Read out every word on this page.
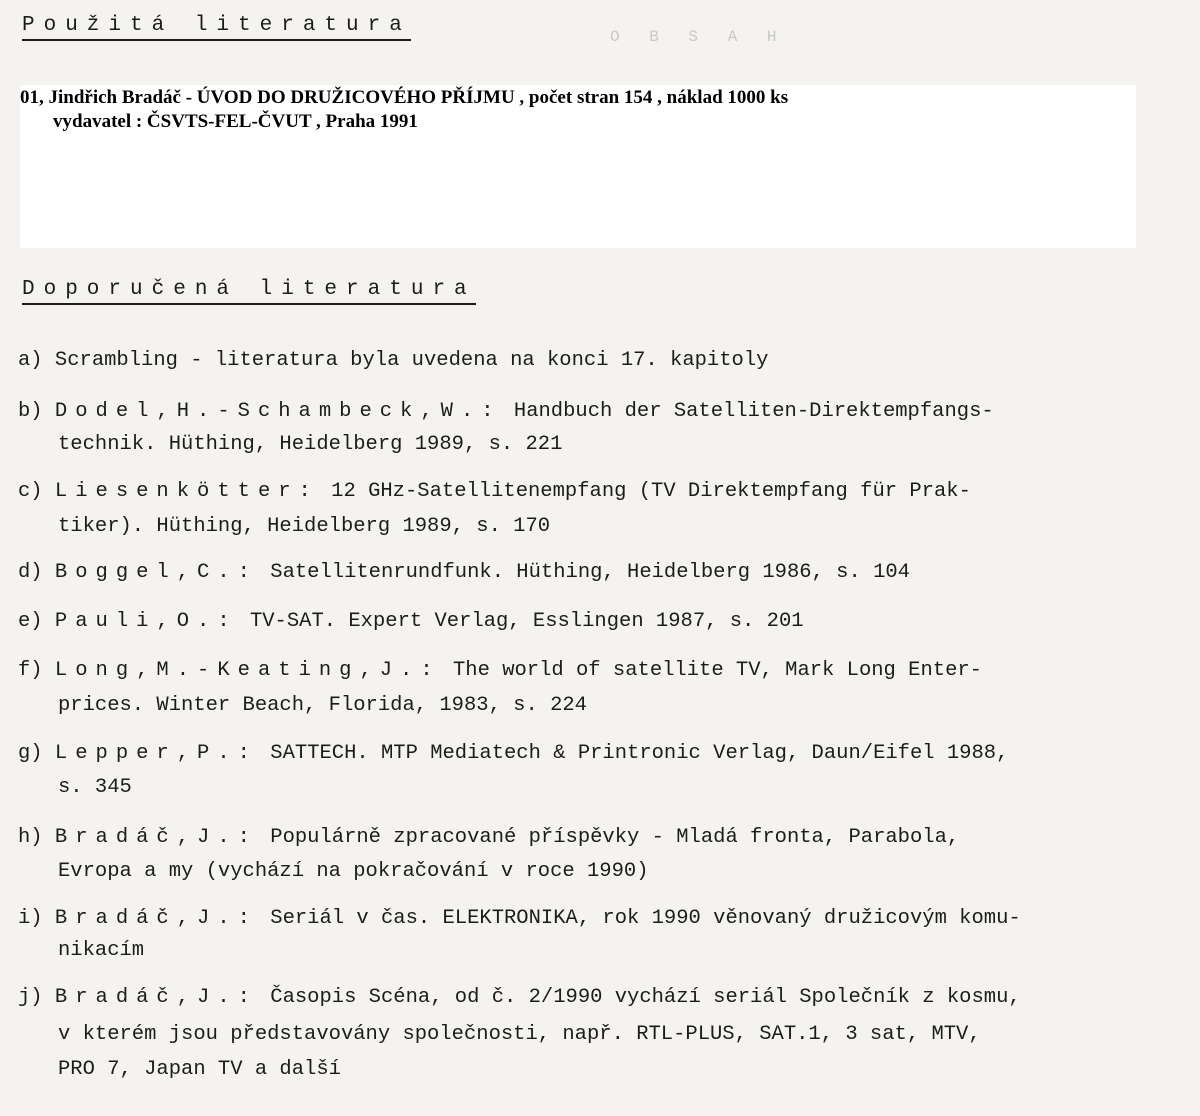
O B S A H
Použitá literatura
01, Jindřich Bradáč - ÚVOD DO DRUŽICOVÉHO PŘÍJMU , počet stran 154 , náklad 1000 ks
vydavatel : ČSVTS-FEL-ČVUT , Praha 1991
Doporučená literatura
a) Scrambling - literatura byla uvedena na konci 17. kapitoly
b) Dodel,H.-Schambeck,W.: Handbuch der Satelliten-Direktempfangs-
technik. Hüthing, Heidelberg 1989, s. 221
c) Liesenkötter: 12 GHz-Satellitenempfang (TV Direktempfang für Prak-
tiker). Hüthing, Heidelberg 1989, s. 170
d) Boggel,C.: Satellitenrundfunk. Hüthing, Heidelberg 1986, s. 104
e) Pauli,O.: TV-SAT. Expert Verlag, Esslingen 1987, s. 201
f) Long,M.-Keating,J.: The world of satellite TV, Mark Long Enter-
prices. Winter Beach, Florida, 1983, s. 224
g) Lepper,P.: SATTECH. MTP Mediatech & Printronic Verlag, Daun/Eifel 1988,
s. 345
h) Bradáč,J.: Populárně zpracované příspěvky - Mladá fronta, Parabola,
Evropa a my (vychází na pokračování v roce 1990)
i) Bradáč,J.: Seriál v čas. ELEKTRONIKA, rok 1990 věnovaný družicovým komu-
nikacím
j) Bradáč,J.: Časopis Scéna, od č. 2/1990 vychází seriál Společník z kosmu,
v kterém jsou představovány společnosti, např. RTL-PLUS, SAT.1, 3 sat, MTV,
PRO 7, Japan TV a další
